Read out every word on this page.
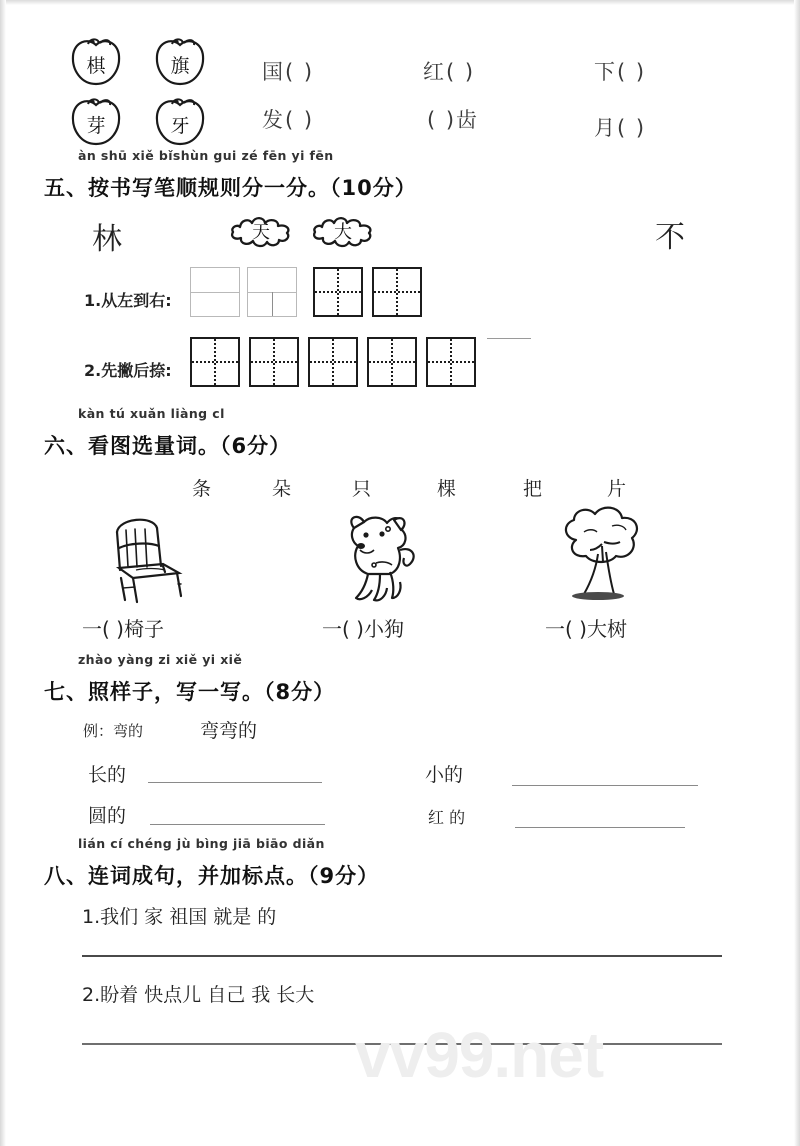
棋	旗
芽	牙
国( )	红( )	下( )
发( )	( )齿	月( )
àn shū xiě bǐshùn gui zé fēn yi fēn
五、按书写笔顺规则分一分。（10分）
林	天	大	不
1.从左到右:
2.先撇后捺:
kàn tú xuǎn liàng cl
六、看图选量词。（6分）
条	朵	只	棵	把	片
一( )椅子	一( )小狗	一( )大树
zhào yàng zi xiě yi xiě
七、照样子，写一写。（8分）
例：弯的	弯弯的
长的	小的
圆的	红 的
lián cí chéng jù bìng jiā biāo diǎn
八、连词成句，并加标点。（9分）
1.我们 家 祖国 就是 的
2.盼着 快点儿 自己 我 长大
vv99.net
